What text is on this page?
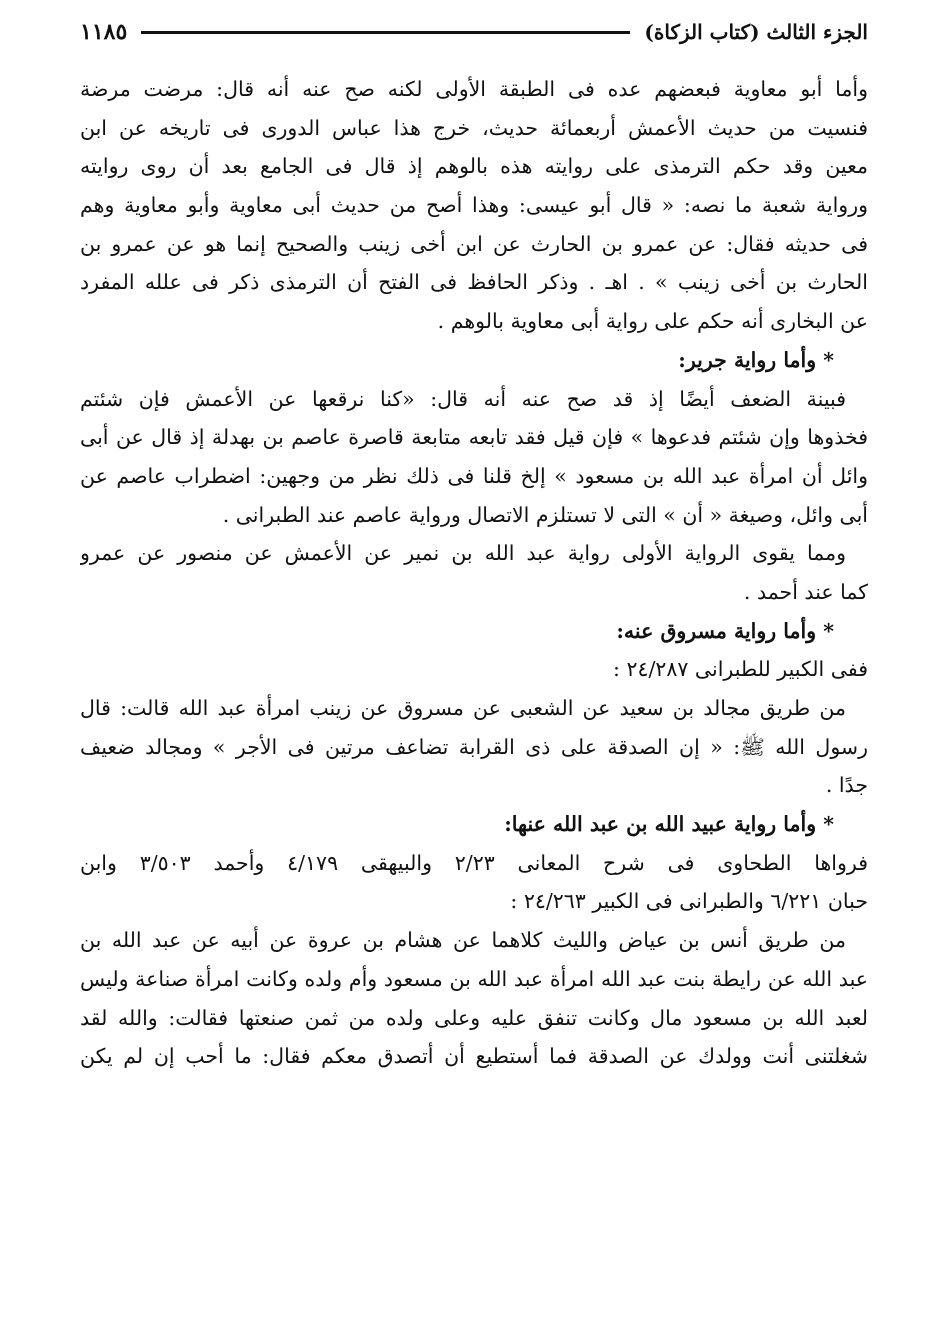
الجزء الثالث (كتاب الزكاة)
١١٨٥
وأما أبو معاوية فبعضهم عده فى الطبقة الأولى لكنه صح عنه أنه قال: مرضت مرضة
فنسيت من حديث الأعمش أربعمائة حديث، خرج هذا عباس الدورى فى تاريخه عن ابن
معين وقد حكم الترمذى على روايته هذه بالوهم إذ قال فى الجامع بعد أن روى روايته
ورواية شعبة ما نصه: « قال أبو عيسى: وهذا أصح من حديث أبى معاوية وأبو معاوية وهم
فى حديثه فقال: عن عمرو بن الحارث عن ابن أخى زينب والصحيح إنما هو عن عمرو بن
الحارث بن أخى زينب » . اهـ . وذكر الحافظ فى الفتح أن الترمذى ذكر فى علله المفرد
عن البخارى أنه حكم على رواية أبى معاوية بالوهم .
* وأما رواية جرير:
فبينة الضعف أيضًا إذ قد صح عنه أنه قال: «كنا نرقعها عن الأعمش فإن شئتم
فخذوها وإن شئتم فدعوها » فإن قيل فقد تابعه متابعة قاصرة عاصم بن بهدلة إذ قال عن أبى
وائل أن امرأة عبد الله بن مسعود » إلخ قلنا فى ذلك نظر من وجهين: اضطراب عاصم عن
أبى وائل، وصيغة « أن » التى لا تستلزم الاتصال ورواية عاصم عند الطبرانى .
ومما يقوى الرواية الأولى رواية عبد الله بن نمير عن الأعمش عن منصور عن عمرو
كما عند أحمد .
* وأما رواية مسروق عنه:
ففى الكبير للطبرانى ٢٤/٢٨٧ :
من طريق مجالد بن سعيد عن الشعبى عن مسروق عن زينب امرأة عبد الله قالت: قال
رسول الله ﷺ: « إن الصدقة على ذى القرابة تضاعف مرتين فى الأجر » ومجالد ضعيف
جدًا .
* وأما رواية عبيد الله بن عبد الله عنها:
فرواها الطحاوى فى شرح المعانى ٢/٢٣ والبيهقى ٤/١٧٩ وأحمد ٣/٥٠٣ وابن
حبان ٦/٢٢١ والطبرانى فى الكبير ٢٤/٢٦٣ :
من طريق أنس بن عياض والليث كلاهما عن هشام بن عروة عن أبيه عن عبد الله بن
عبد الله عن رايطة بنت عبد الله امرأة عبد الله بن مسعود وأم ولده وكانت امرأة صناعة وليس
لعبد الله بن مسعود مال وكانت تنفق عليه وعلى ولده من ثمن صنعتها فقالت: والله لقد
شغلتنى أنت وولدك عن الصدقة فما أستطيع أن أتصدق معكم فقال: ما أحب إن لم يكن
